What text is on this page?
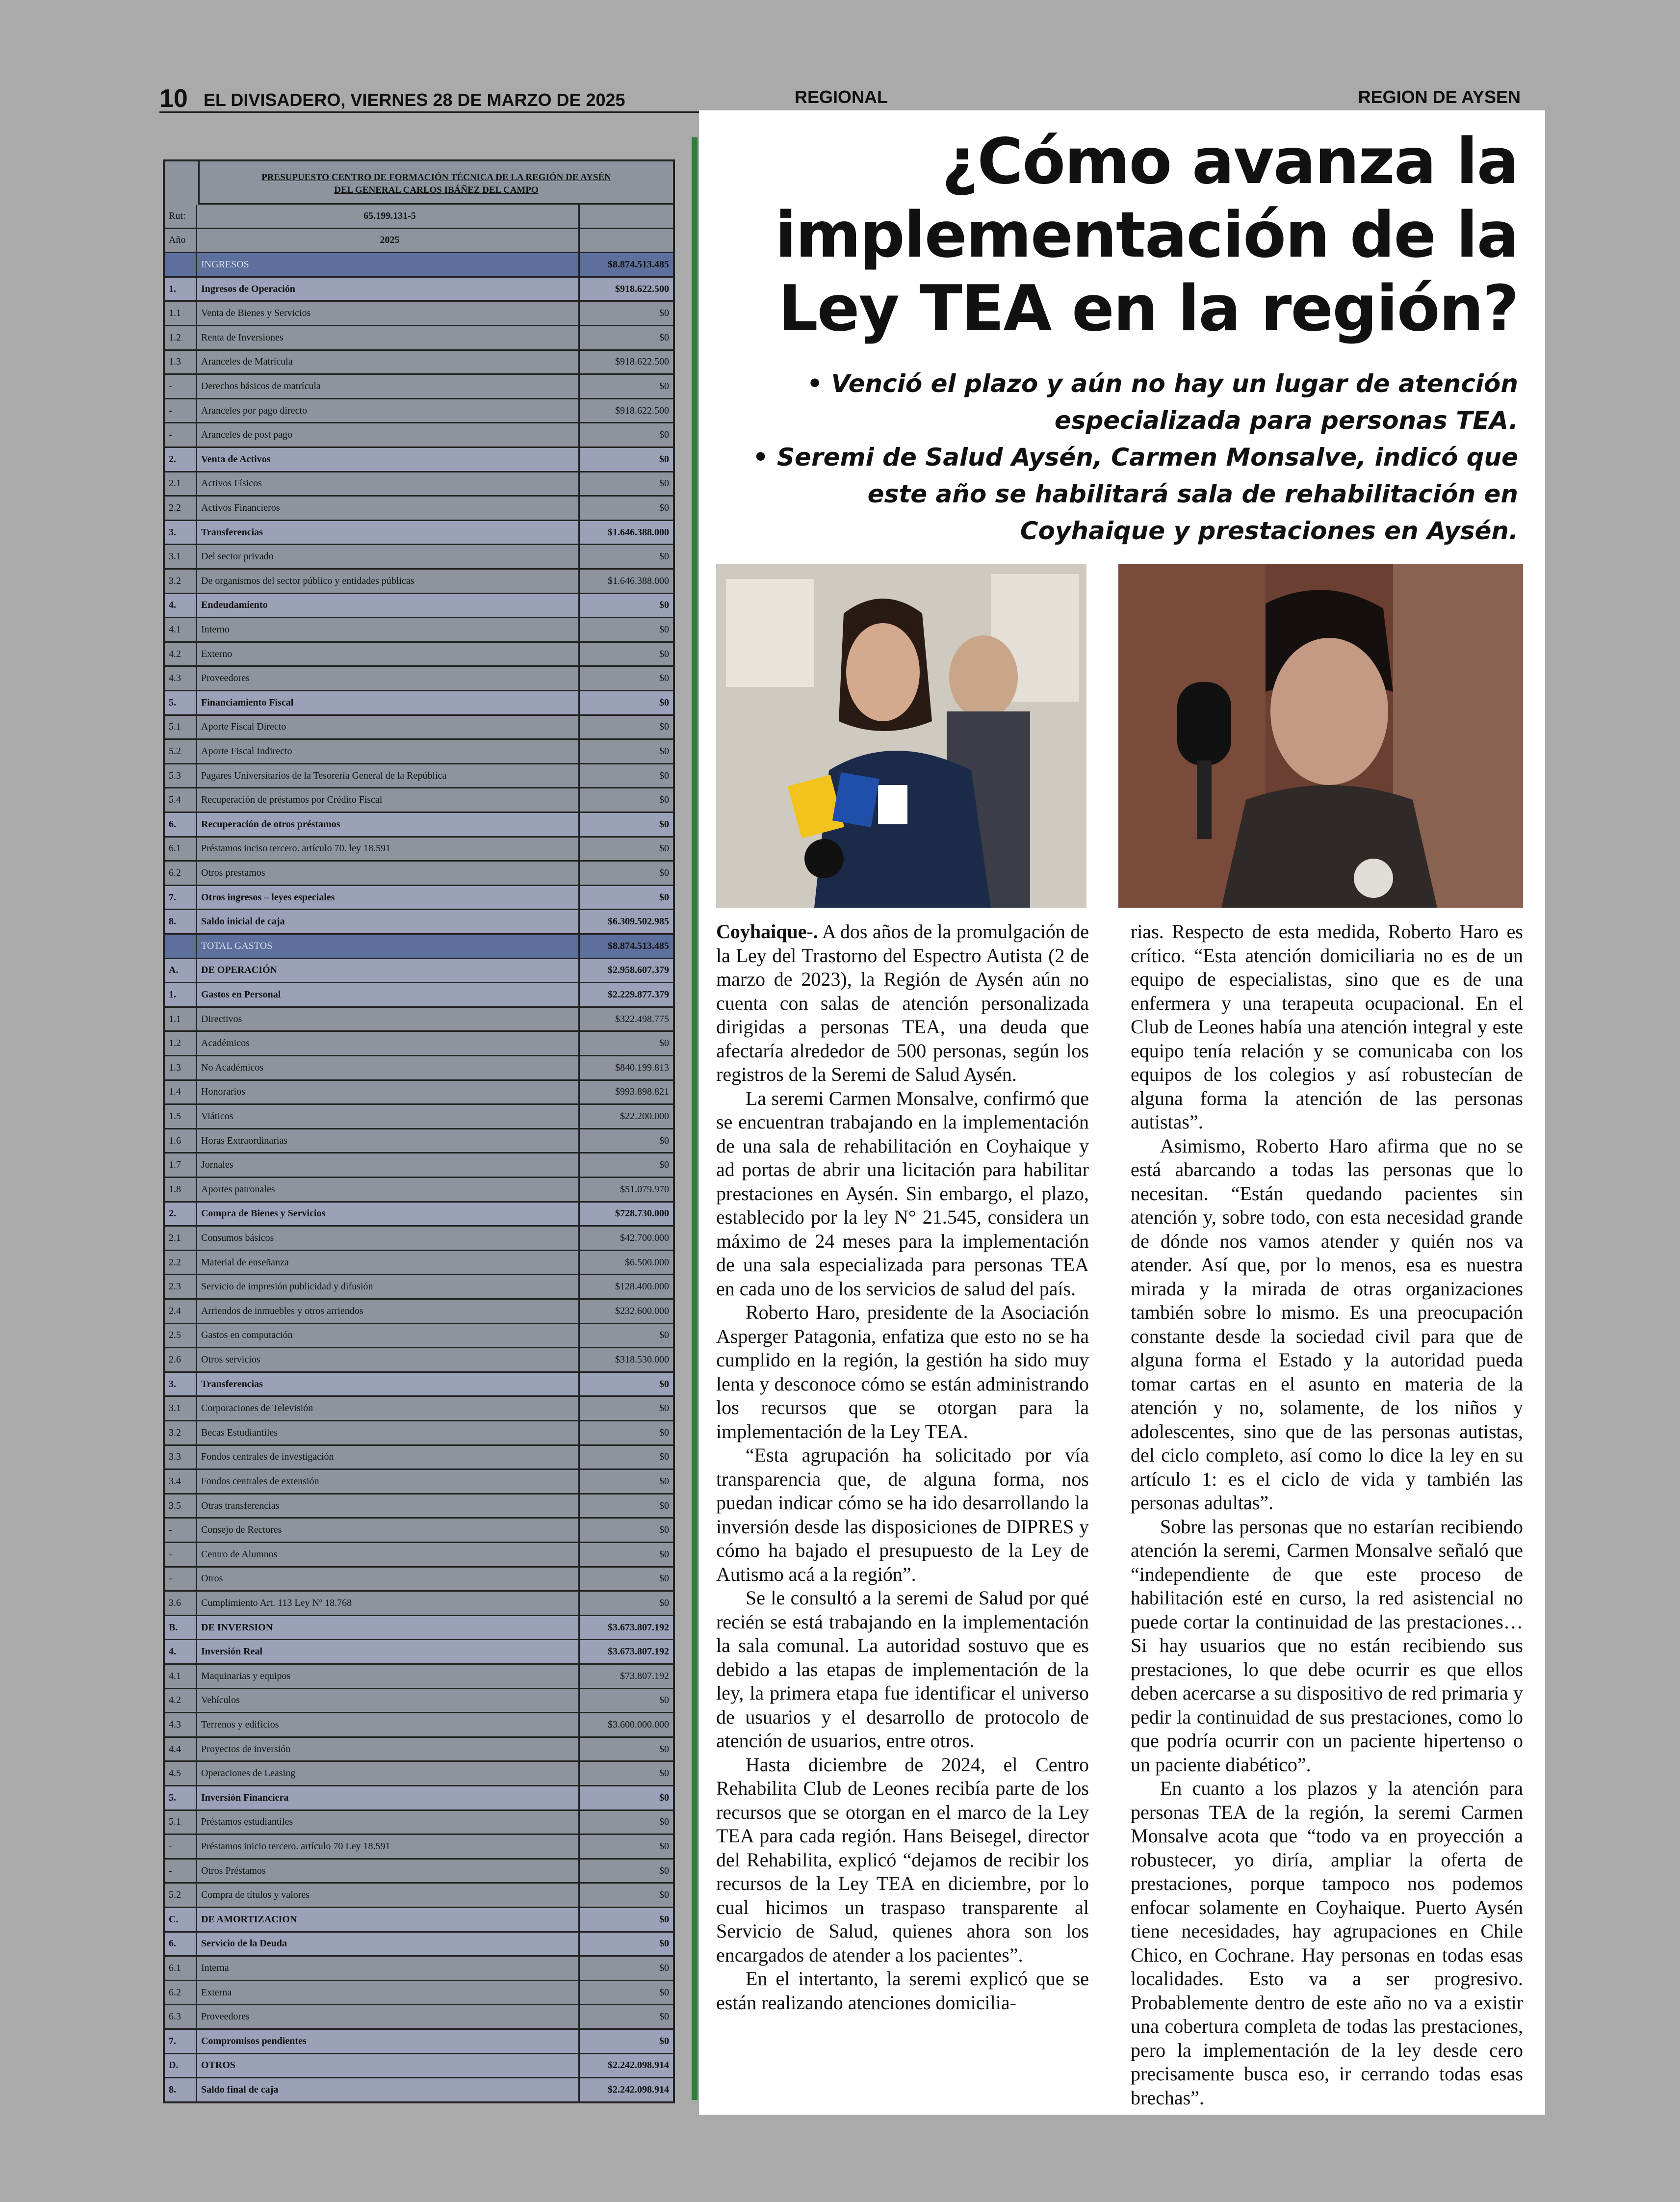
10 EL DIVISADERO, VIERNES 28 DE MARZO DE 2025	REGIONAL	REGION DE AYSEN
PRESUPUESTO CENTRO DE FORMACIÓN TÉCNICA DE LA REGIÓN DE AYSÉN
DEL GENERAL CARLOS IBÁÑEZ DEL CAMPO
Rut:	65.199.131-5
Año	2025
INGRESOS	$8.874.513.485
1.	Ingresos de Operación	$918.622.500
1.1	Venta de Bienes y Servicios	$0
1.2	Renta de Inversiones	$0
1.3	Aranceles de Matrícula	$918.622.500
-	Derechos básicos de matrícula	$0
-	Aranceles por pago directo	$918.622.500
-	Aranceles de post pago	$0
2.	Venta de Activos	$0
2.1	Activos Físicos	$0
2.2	Activos Financieros	$0
3.	Transferencias	$1.646.388.000
3.1	Del sector privado	$0
3.2	De organismos del sector público y entidades públicas	$1.646.388.000
4.	Endeudamiento	$0
4.1	Interno	$0
4.2	Externo	$0
4.3	Proveedores	$0
5.	Financiamiento Fiscal	$0
5.1	Aporte Fiscal Directo	$0
5.2	Aporte Fiscal Indirecto	$0
5.3	Pagares Universitarios de la Tesorería General de la República	$0
5.4	Recuperación de préstamos por Crédito Fiscal	$0
6.	Recuperación de otros préstamos	$0
6.1	Préstamos inciso tercero. artículo 70. ley 18.591	$0
6.2	Otros prestamos	$0
7.	Otros ingresos – leyes especiales	$0
8.	Saldo inicial de caja	$6.309.502.985
TOTAL GASTOS	$8.874.513.485
A.	DE OPERACIÓN	$2.958.607.379
1.	Gastos en Personal	$2.229.877.379
1.1	Directivos	$322.498.775
1.2	Académicos	$0
1.3	No Académicos	$840.199.813
1.4	Honorarios	$993.898.821
1.5	Viáticos	$22.200.000
1.6	Horas Extraordinarias	$0
1.7	Jornales	$0
1.8	Aportes patronales	$51.079.970
2.	Compra de Bienes y Servicios	$728.730.000
2.1	Consumos básicos	$42.700.000
2.2	Material de enseñanza	$6.500.000
2.3	Servicio de impresión publicidad y difusión	$128.400.000
2.4	Arriendos de inmuebles y otros arriendos	$232.600.000
2.5	Gastos en computación	$0
2.6	Otros servicios	$318.530.000
3.	Transferencias	$0
3.1	Corporaciones de Televisión	$0
3.2	Becas Estudiantiles	$0
3.3	Fondos centrales de investigación	$0
3.4	Fondos centrales de extensión	$0
3.5	Otras transferencias	$0
-	Consejo de Rectores	$0
-	Centro de Alumnos	$0
-	Otros	$0
3.6	Cumplimiento Art. 113 Ley Nº 18.768	$0
B.	DE INVERSION	$3.673.807.192
4.	Inversión Real	$3.673.807.192
4.1	Maquinarias y equipos	$73.807.192
4.2	Vehículos	$0
4.3	Terrenos y edificios	$3.600.000.000
4.4	Proyectos de inversión	$0
4.5	Operaciones de Leasing	$0
5.	Inversión Financiera	$0
5.1	Préstamos estudiantiles	$0
-	Préstamos inicio tercero. artículo 70 Ley 18.591	$0
-	Otros Préstamos	$0
5.2	Compra de títulos y valores	$0
C.	DE AMORTIZACION	$0
6.	Servicio de la Deuda	$0
6.1	Interna	$0
6.2	Externa	$0
6.3	Proveedores	$0
7.	Compromisos pendientes	$0
D.	OTROS	$2.242.098.914
8.	Saldo final de caja	$2.242.098.914
¿Cómo avanza la implementación de la Ley TEA en la región?
• Venció el plazo y aún no hay un lugar de atención especializada para personas TEA.
• Seremi de Salud Aysén, Carmen Monsalve, indicó que este año se habilitará sala de rehabilitación en Coyhaique y prestaciones en Aysén.

Coyhaique-. A dos años de la promulgación de la Ley del Trastorno del Espectro Autista (2 de marzo de 2023), la Región de Aysén aún no cuenta con salas de atención personalizada dirigidas a personas TEA, una deuda que afectaría alrededor de 500 personas, según los registros de la Seremi de Salud Aysén.

La seremi Carmen Monsalve, confirmó que se encuentran trabajando en la implementación de una sala de rehabilitación en Coyhaique y ad portas de abrir una licitación para habilitar prestaciones en Aysén. Sin embargo, el plazo, establecido por la ley N° 21.545, considera un máximo de 24 meses para la implementación de una sala especializada para personas TEA en cada uno de los servicios de salud del país.

Roberto Haro, presidente de la Asociación Asperger Patagonia, enfatiza que esto no se ha cumplido en la región, la gestión ha sido muy lenta y desconoce cómo se están administrando los recursos que se otorgan para la implementación de la Ley TEA.

“Esta agrupación ha solicitado por vía transparencia que, de alguna forma, nos puedan indicar cómo se ha ido desarrollando la inversión desde las disposiciones de DIPRES y cómo ha bajado el presupuesto de la Ley de Autismo acá a la región”.

Se le consultó a la seremi de Salud por qué recién se está trabajando en la implementación la sala comunal. La autoridad sostuvo que es debido a las etapas de implementación de la ley, la primera etapa fue identificar el universo de usuarios y el desarrollo de protocolo de atención de usuarios, entre otros.

Hasta diciembre de 2024, el Centro Rehabilita Club de Leones recibía parte de los recursos que se otorgan en el marco de la Ley TEA para cada región. Hans Beisegel, director del Rehabilita, explicó “dejamos de recibir los recursos de la Ley TEA en diciembre, por lo cual hicimos un traspaso transparente al Servicio de Salud, quienes ahora son los encargados de atender a los pacientes”.

En el intertanto, la seremi explicó que se están realizando atenciones domicilia-

rias. Respecto de esta medida, Roberto Haro es crítico. “Esta atención domiciliaria no es de un equipo de especialistas, sino que es de una enfermera y una terapeuta ocupacional. En el Club de Leones había una atención integral y este equipo tenía relación y se comunicaba con los equipos de los colegios y así robustecían de alguna forma la atención de las personas autistas”.

Asimismo, Roberto Haro afirma que no se está abarcando a todas las personas que lo necesitan. “Están quedando pacientes sin atención y, sobre todo, con esta necesidad grande de dónde nos vamos atender y quién nos va atender. Así que, por lo menos, esa es nuestra mirada y la mirada de otras organizaciones también sobre lo mismo. Es una preocupación constante desde la sociedad civil para que de alguna forma el Estado y la autoridad pueda tomar cartas en el asunto en materia de la atención y no, solamente, de los niños y adolescentes, sino que de las personas autistas, del ciclo completo, así como lo dice la ley en su artículo 1: es el ciclo de vida y también las personas adultas”.

Sobre las personas que no estarían recibiendo atención la seremi, Carmen Monsalve señaló que “independiente de que este proceso de habilitación esté en curso, la red asistencial no puede cortar la continuidad de las prestaciones… Si hay usuarios que no están recibiendo sus prestaciones, lo que debe ocurrir es que ellos deben acercarse a su dispositivo de red primaria y pedir la continuidad de sus prestaciones, como lo que podría ocurrir con un paciente hipertenso o un paciente diabético”.

En cuanto a los plazos y la atención para personas TEA de la región, la seremi Carmen Monsalve acota que “todo va en proyección a robustecer, yo diría, ampliar la oferta de prestaciones, porque tampoco nos podemos enfocar solamente en Coyhaique. Puerto Aysén tiene necesidades, hay agrupaciones en Chile Chico, en Cochrane. Hay personas en todas esas localidades. Esto va a ser progresivo. Probablemente dentro de este año no va a existir una cobertura completa de todas las prestaciones, pero la implementación de la ley desde cero precisamente busca eso, ir cerrando todas esas brechas”.
